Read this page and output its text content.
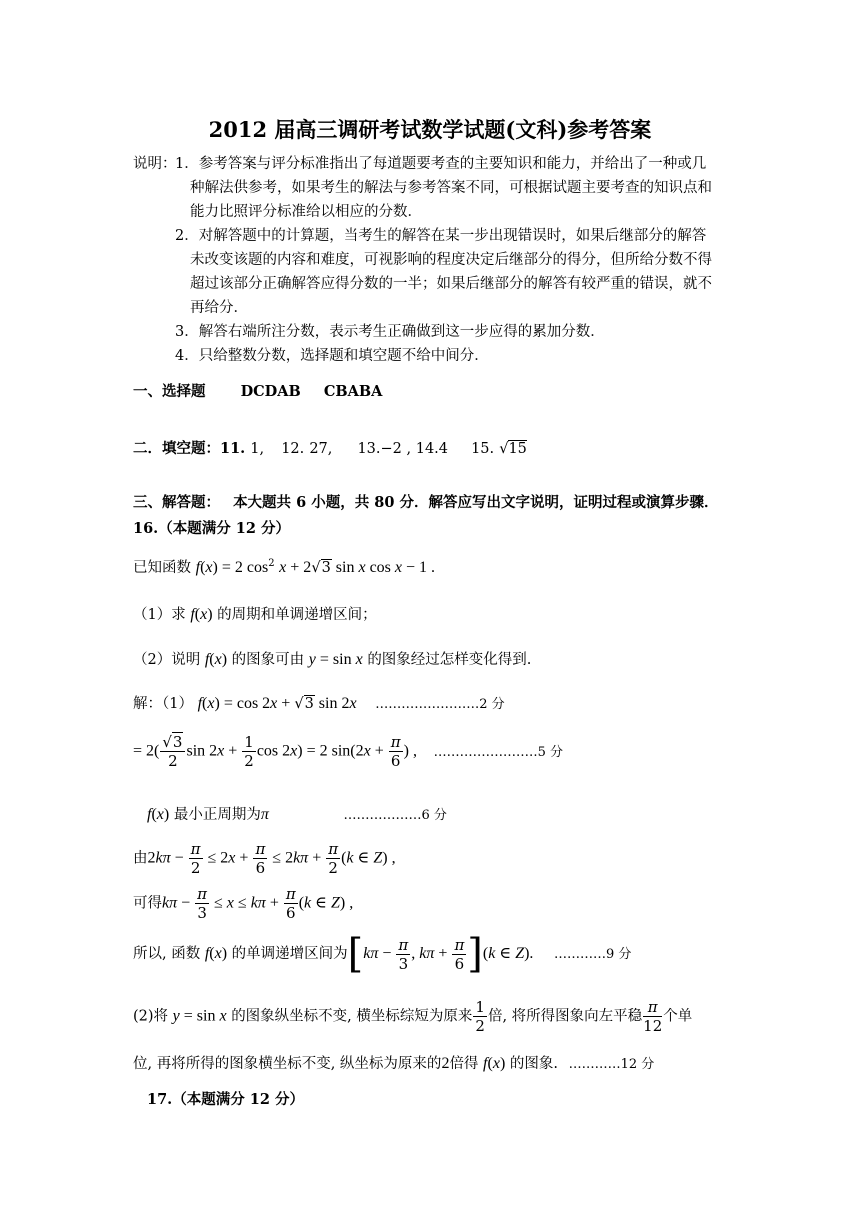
2012 届高三调研考试数学试题(文科)参考答案
说明：
1．参考答案与评分标准指出了每道题要考查的主要知识和能力，并给出了一种或几
种解法供参考，如果考生的解法与参考答案不同，可根据试题主要考查的知识点和
能力比照评分标准给以相应的分数．
2．对解答题中的计算题，当考生的解答在某一步出现错误时，如果后继部分的解答
未改变该题的内容和难度，可视影响的程度决定后继部分的得分，但所给分数不得
超过该部分正确解答应得分数的一半；如果后继部分的解答有较严重的错误，就不
再给分．
3．解答右端所注分数，表示考生正确做到这一步应得的累加分数．
4．只给整数分数，选择题和填空题不给中间分．
一、选择题 DCDAB CBABA
二．填空题：11. 1, 12. 27, 13.−2 , 14.4 15. √15
三、解答题： 本大题共 6 小题，共 80 分．解答应写出文字说明，证明过程或演算步骤．
16.（本题满分 12 分）
已知函数 f(x) = 2 $\cos^2 x + 2√3$ sin x cos x − 1 .
（1）求 f(x) 的周期和单调递增区间；
（2）说明 f(x) 的图象可由 y = sin x 的图象经过怎样变化得到.
解：（1） f(x) = cos 2x + √3 sin 2x ……………………2 分
= $2( \frac{√3}{2}$ $\sin 2x + \frac{1}{2}$ cos 2x) = 2 $\sin(2x + \frac{\pi}{6}$ ) , ……………………5 分
f(x) 最小正周期为π	………………6 分
由$2k\pi - \frac{\pi}{2} \le 2x + \frac{\pi}{6} \le 2k\pi + \frac{\pi}{2} (k$ ∈ Z) ,
可得$k\pi - \frac{\pi}{3} \le x \le k\pi + \frac{\pi}{6} (k$ ∈ Z) ,
所以, 函数 f(x) 的单调递增区间为[$k\pi - \frac{\pi}{3}$ , $k\pi + \frac{\pi}{6} ](k$ ∈ Z). …………9 分
(2)将 y = sin x 的图象纵坐标不变, 横坐标综短为原来 $\frac{1}{2}$ 倍, 将所得图象向左平稳 $\frac{\pi}{12}$ 个单
位, 再将所得的图象横坐标不变, 纵坐标为原来的2倍得 f(x) 的图象. …………12 分
17.（本题满分 12 分）
